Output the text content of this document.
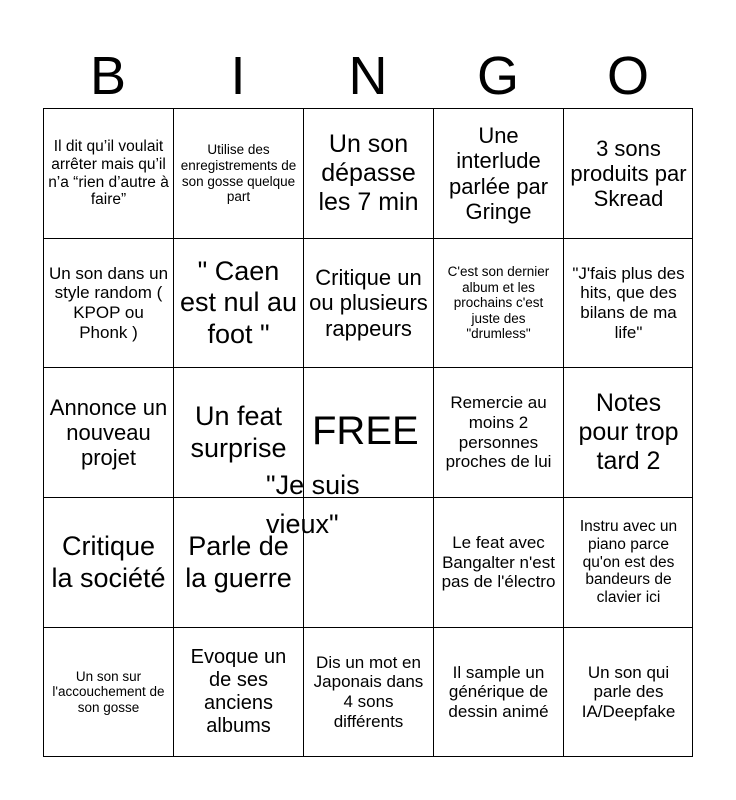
B	I	N	G	O
Il dit qu’il voulait arrêter mais qu’il n’a “rien d’autre à faire”
Utilise des enregistrements de son gosse quelque part
Un son dépasse les 7 min
Une interlude parlée par Gringe
3 sons produits par Skread
Un son dans un style random ( KPOP ou Phonk )
" Caen est nul au foot "
Critique un ou plusieurs rappeurs
C'est son dernier album et les prochains c'est juste des "drumless"
"J'fais plus des hits, que des bilans de ma life"
Annonce un nouveau projet
Un feat surprise FREE
Remercie au moins 2 personnes proches de lui
Notes pour trop tard 2
Critique la société
Parle de la guerre
Le feat avec Bangalter n'est pas de l'électro
Instru avec un piano parce qu'on est des bandeurs de clavier ici
Un son sur l'accouchement de son gosse
Evoque un de ses anciens albums
Dis un mot en Japonais dans 4 sons différents
Il sample un générique de dessin animé
Un son qui parle des IA/Deepfake
"Je suis vieux"
